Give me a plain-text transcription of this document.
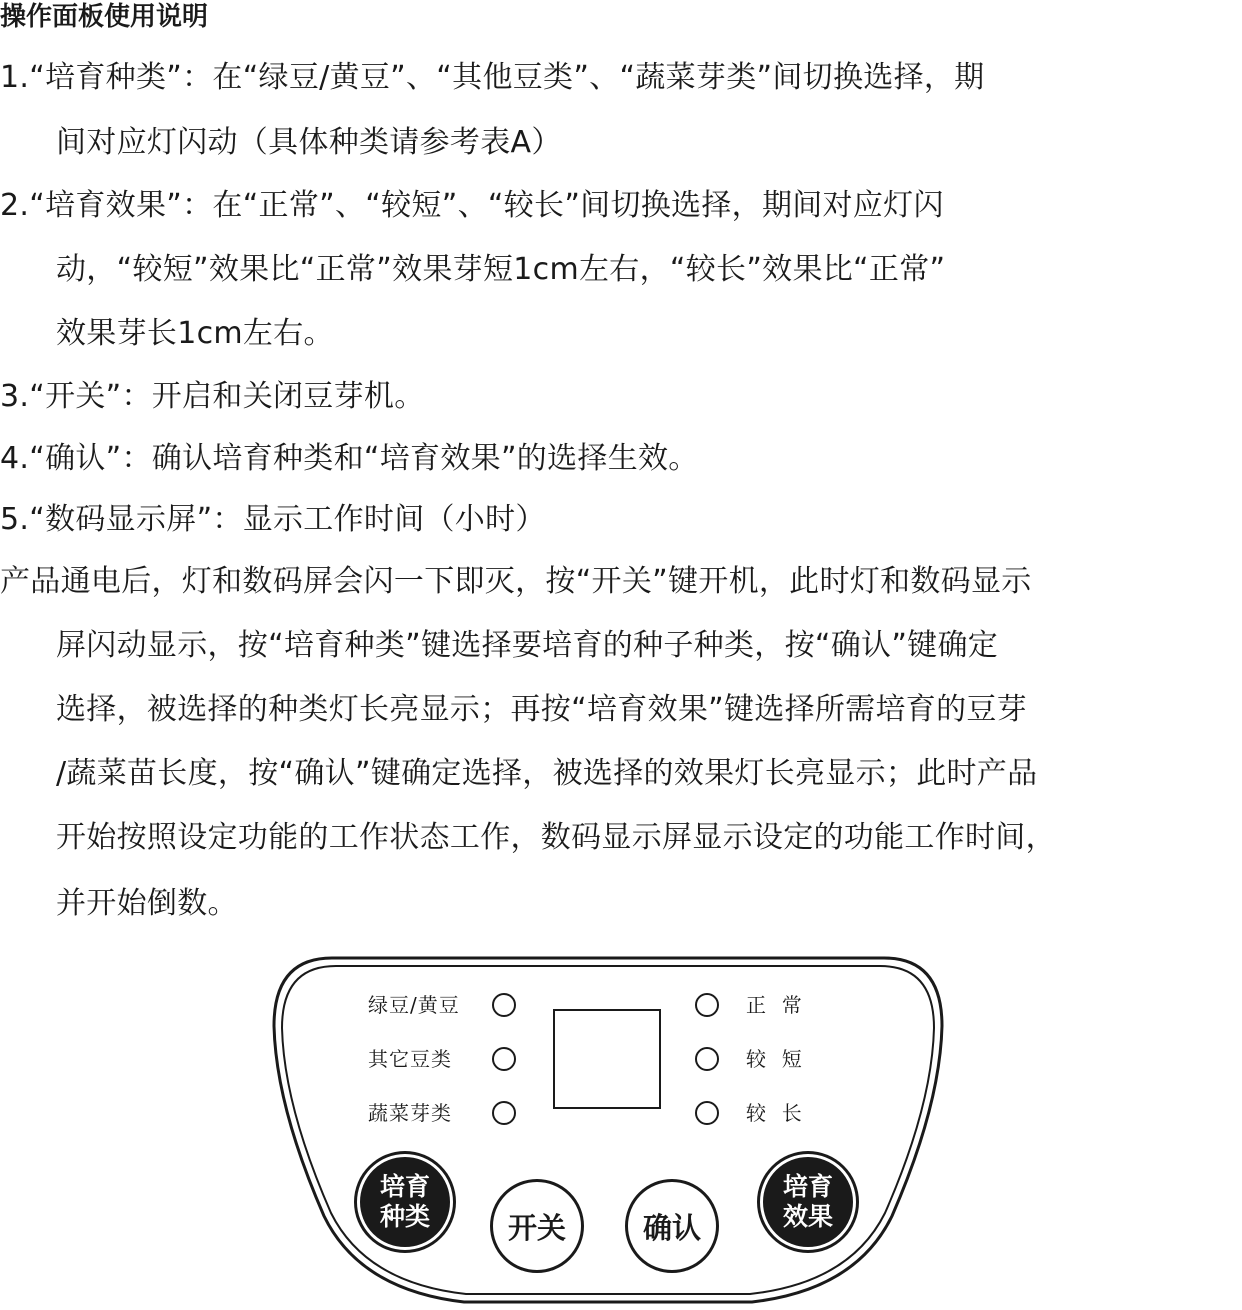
操作面板使用说明
1.“培育种类”：在“绿豆/黄豆”、“其他豆类”、“蔬菜芽类”间切换选择，期
间对应灯闪动（具体种类请参考表A）
2.“培育效果”：在“正常”、“较短”、“较长”间切换选择，期间对应灯闪
动，“较短”效果比“正常”效果芽短1cm左右，“较长”效果比“正常”
效果芽长1cm左右。
3.“开关”：开启和关闭豆芽机。
4.“确认”：确认培育种类和“培育效果”的选择生效。
5.“数码显示屏”：显示工作时间（小时）
产品通电后，灯和数码屏会闪一下即灭，按“开关”键开机，此时灯和数码显示
屏闪动显示，按“培育种类”键选择要培育的种子种类，按“确认”键确定
选择，被选择的种类灯长亮显示；再按“培育效果”键选择所需培育的豆芽
/蔬菜苗长度，按“确认”键确定选择，被选择的效果灯长亮显示；此时产品
开始按照设定功能的工作状态工作，数码显示屏显示设定的功能工作时间，
并开始倒数。
绿豆/黄豆
其它豆类
蔬菜芽类
正  常
较  短
较  长
培育
种类	开关	确认
培育
效果
